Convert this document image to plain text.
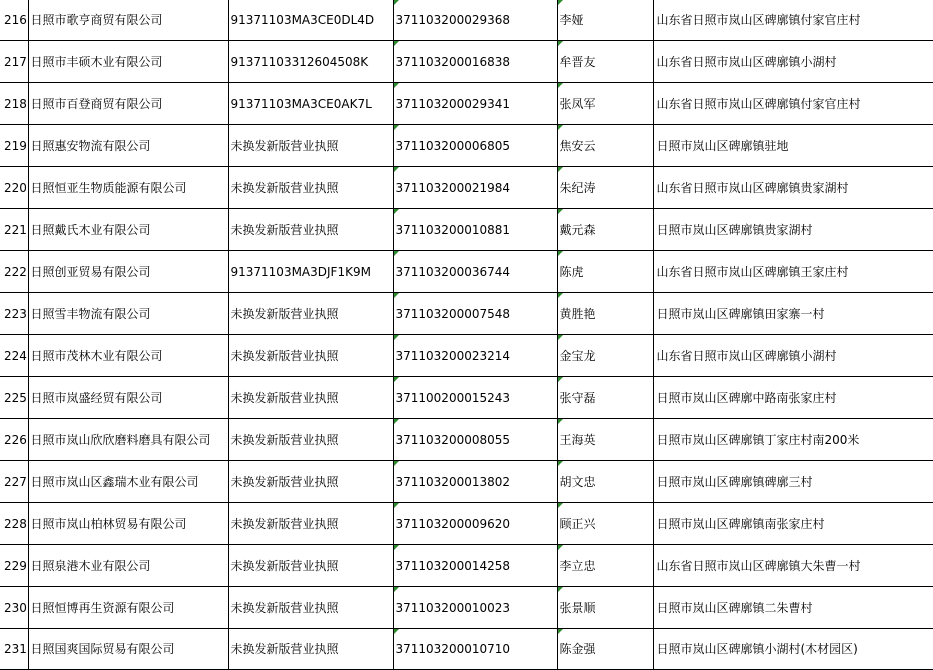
216	日照市歌亨商贸有限公司	91371103MA3CE0DL4D	371103200029368	李娅	山东省日照市岚山区碑廓镇付家官庄村
217	日照市丰硕木业有限公司	91371103312604508K	371103200016838	牟晋友	山东省日照市岚山区碑廓镇小湖村
218	日照市百登商贸有限公司	91371103MA3CE0AK7L	371103200029341	张凤军	山东省日照市岚山区碑廓镇付家官庄村
219	日照惠安物流有限公司	未换发新版营业执照	371103200006805	焦安云	日照市岚山区碑廓镇驻地
220	日照恒亚生物质能源有限公司	未换发新版营业执照	371103200021984	朱纪涛	山东省日照市岚山区碑廓镇贵家湖村
221	日照戴氏木业有限公司	未换发新版营业执照	371103200010881	戴元森	日照市岚山区碑廓镇贵家湖村
222	日照创亚贸易有限公司	91371103MA3DJF1K9M	371103200036744	陈虎	山东省日照市岚山区碑廓镇王家庄村
223	日照雪丰物流有限公司	未换发新版营业执照	371103200007548	黄胜艳	日照市岚山区碑廓镇田家寨一村
224	日照市茂林木业有限公司	未换发新版营业执照	371103200023214	金宝龙	山东省日照市岚山区碑廓镇小湖村
225	日照市岚盛经贸有限公司	未换发新版营业执照	371100200015243	张守磊	日照市岚山区碑廓中路南张家庄村
226	日照市岚山欣欣磨料磨具有限公司	未换发新版营业执照	371103200008055	王海英	日照市岚山区碑廓镇丁家庄村南200米
227	日照市岚山区鑫瑞木业有限公司	未换发新版营业执照	371103200013802	胡文忠	日照市岚山区碑廓镇碑廓三村
228	日照市岚山柏林贸易有限公司	未换发新版营业执照	371103200009620	顾正兴	日照市岚山区碑廓镇南张家庄村
229	日照泉港木业有限公司	未换发新版营业执照	371103200014258	李立忠	山东省日照市岚山区碑廓镇大朱曹一村
230	日照恒博再生资源有限公司	未换发新版营业执照	371103200010023	张景顺	日照市岚山区碑廓镇二朱曹村
231	日照国爽国际贸易有限公司	未换发新版营业执照	371103200010710	陈金强	日照市岚山区碑廓镇小湖村(木材园区)
